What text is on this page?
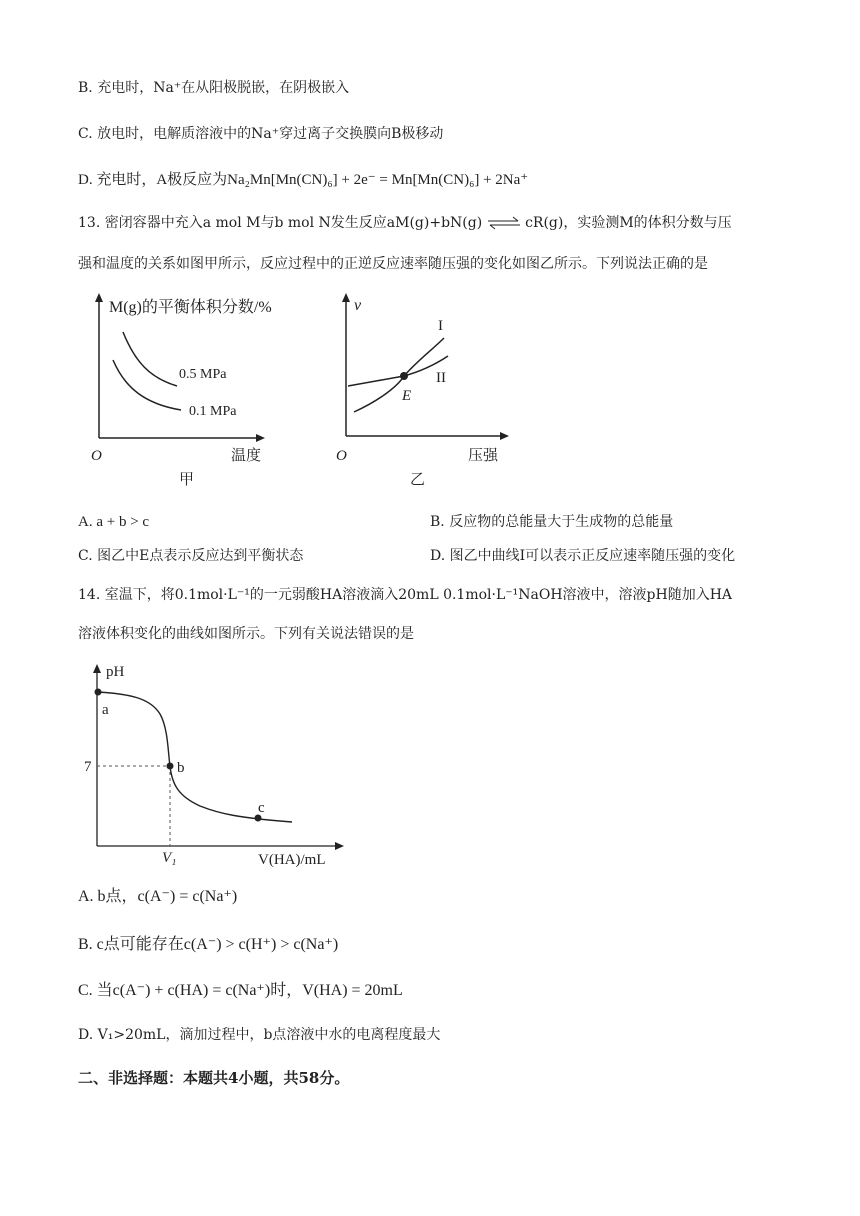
B. 充电时，Na⁺在从阳极脱嵌，在阴极嵌入
C. 放电时，电解质溶液中的Na⁺穿过离子交换膜向B极移动
D. 充电时，A极反应为Na₂Mn[Mn(CN)₆] + 2e⁻ = Mn[Mn(CN)₆] + 2Na⁺
13. 密闭容器中充入a mol M与b mol N发生反应aM(g)+bN(g) ⇌ cR(g)，实验测M的体积分数与压
强和温度的关系如图甲所示，反应过程中的正逆反应速率随压强的变化如图乙所示。下列说法正确的是
M(g)的平衡体积分数/%
0.5 MPa
0.1 MPa
O	温度
甲
v
I
II
E
O	压强
乙
A. a + b > c	B. 反应物的总能量大于生成物的总能量
C. 图乙中E点表示反应达到平衡状态	D. 图乙中曲线I可以表示正反应速率随压强的变化
14. 室温下，将0.1mol·L⁻¹的一元弱酸HA溶液滴入20mL 0.1mol·L⁻¹NaOH溶液中，溶液pH随加入HA
溶液体积变化的曲线如图所示。下列有关说法错误的是
pH
a
b
c
7
V₁	V(HA)/mL
A. b点，c(A⁻) = c(Na⁺)
B. c点可能存在c(A⁻) > c(H⁺) > c(Na⁺)
C. 当c(A⁻) + c(HA) = c(Na⁺)时，V(HA) = 20mL
D. V₁>20mL，滴加过程中，b点溶液中水的电离程度最大
二、非选择题：本题共4小题，共58分。
